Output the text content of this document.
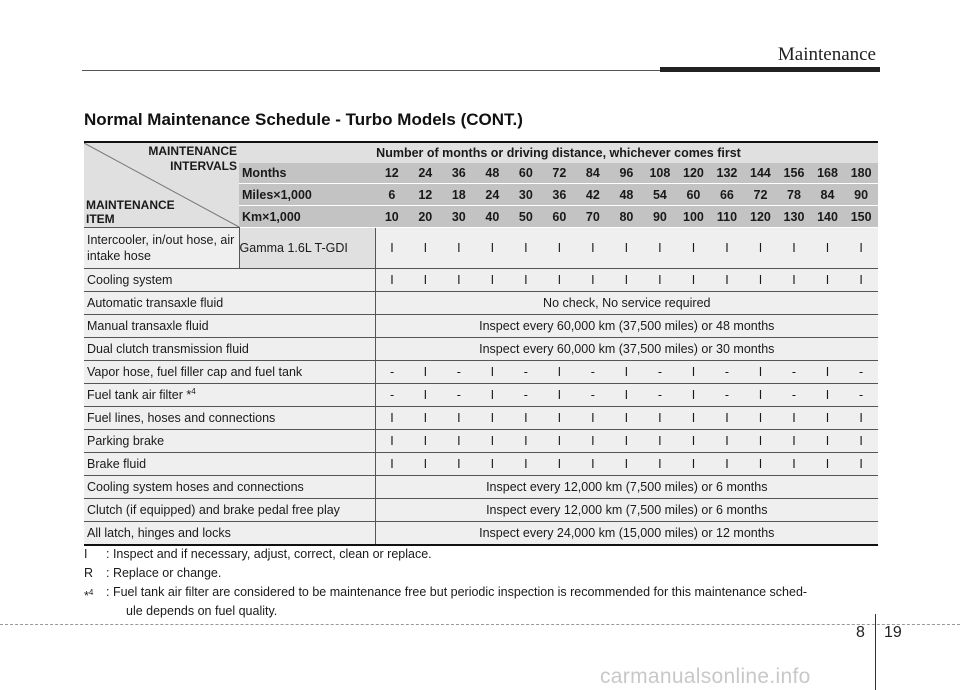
Maintenance
Normal Maintenance Schedule - Turbo Models (CONT.)
MAINTENANCE
INTERVALS
MAINTENANCE
ITEM	Number of months or driving distance, whichever comes first															
	Months	12	24	36	48	60	72	84	96	108	120	132	144	156	168	180
	Miles×1,000	6	12	18	24	30	36	42	48	54	60	66	72	78	84	90
	Km×1,000	10	20	30	40	50	60	70	80	90	100	110	120	130	140	150
Intercooler, in/out hose, air intake hose	Gamma 1.6L T-GDI	I	I	I	I	I	I	I	I	I	I	I	I	I	I	I
Cooling system		I	I	I	I	I	I	I	I	I	I	I	I	I	I	I
Automatic transaxle fluid		No check, No service required														
Manual transaxle fluid		Inspect every 60,000 km (37,500 miles) or 48 months														
Dual clutch transmission fluid		Inspect every 60,000 km (37,500 miles) or 30 months														
Vapor hose, fuel filler cap and fuel tank		-	I	-	I	-	I	-	I	-	I	-	I	-	I	-
Fuel tank air filter *$^4$		-	I	-	I	-	I	-	I	-	I	-	I	-	I	-
Fuel lines, hoses and connections		I	I	I	I	I	I	I	I	I	I	I	I	I	I	I
Parking brake		I	I	I	I	I	I	I	I	I	I	I	I	I	I	I
Brake fluid		I	I	I	I	I	I	I	I	I	I	I	I	I	I	I
Cooling system hoses and connections		Inspect every 12,000 km (7,500 miles) or 6 months														
Clutch (if equipped) and brake pedal free play		Inspect every 12,000 km (7,500 miles) or 6 months														
All latch, hinges and locks		Inspect every 24,000 km (15,000 miles) or 12 months														
I	: Inspect and if necessary, adjust, correct, clean or replace.
R	: Replace or change.
*$^4$	: Fuel tank air filter are considered to be maintenance free but periodic inspection is recommended for this maintenance sched-
ule depends on fuel quality.
8 19
carmanualsonline.info
